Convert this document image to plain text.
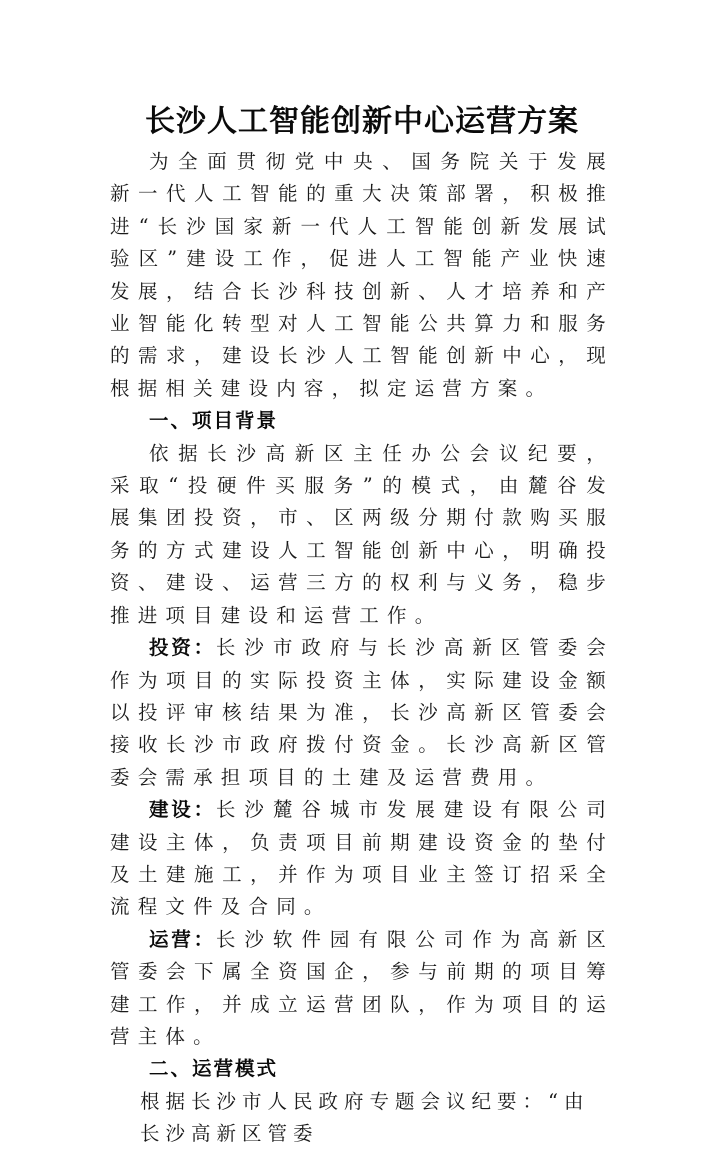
长沙人工智能创新中心运营方案

为全面贯彻党中央、国务院关于发展新一代人工智能的重大决策部署，积极推进“长沙国家新一代人工智能创新发展试验区”建设工作，促进人工智能产业快速发展，结合长沙科技创新、人才培养和产业智能化转型对人工智能公共算力和服务的需求，建设长沙人工智能创新中心，现根据相关建设内容，拟定运营方案。

一、项目背景

依据长沙高新区主任办公会议纪要，采取“投硬件买服务”的模式，由麓谷发展集团投资，市、区两级分期付款购买服务的方式建设人工智能创新中心，明确投资、建设、运营三方的权利与义务，稳步推进项目建设和运营工作。

投资：长沙市政府与长沙高新区管委会作为项目的实际投资主体，实际建设金额以投评审核结果为准，长沙高新区管委会接收长沙市政府拨付资金。长沙高新区管委会需承担项目的土建及运营费用。

建设：长沙麓谷城市发展建设有限公司建设主体，负责项目前期建设资金的垫付及土建施工，并作为项目业主签订招采全流程文件及合同。

运营：长沙软件园有限公司作为高新区管委会下属全资国企，参与前期的项目筹建工作，并成立运营团队，作为项目的运营主体。

二、运营模式

根据长沙市人民政府专题会议纪要：“由长沙高新区管委
